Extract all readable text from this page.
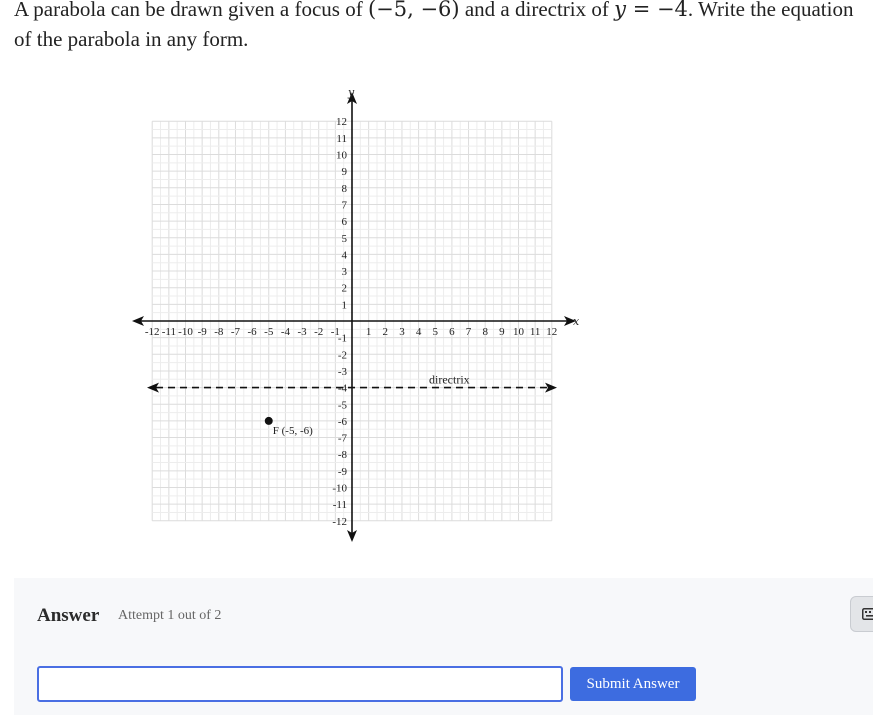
A parabola can be drawn given a focus of (−5, −6) and a directrix of y = −4. Write the equation of the parabola in any form.
-12 -11 -10 -9 -8 -7 -6 -5 -4 -3 -2 -1 1 2 3 4 5 6 7 8 9 10 11 12
12
11
10
9
8
7
6
5
4
3
2
1
-1
-2
-3
-4
-5
-6
-7
-8
-9
-10
-11
-12
x
y
directrix
F (-5, -6)
Answer Attempt 1 out of 2
Submit Answer
